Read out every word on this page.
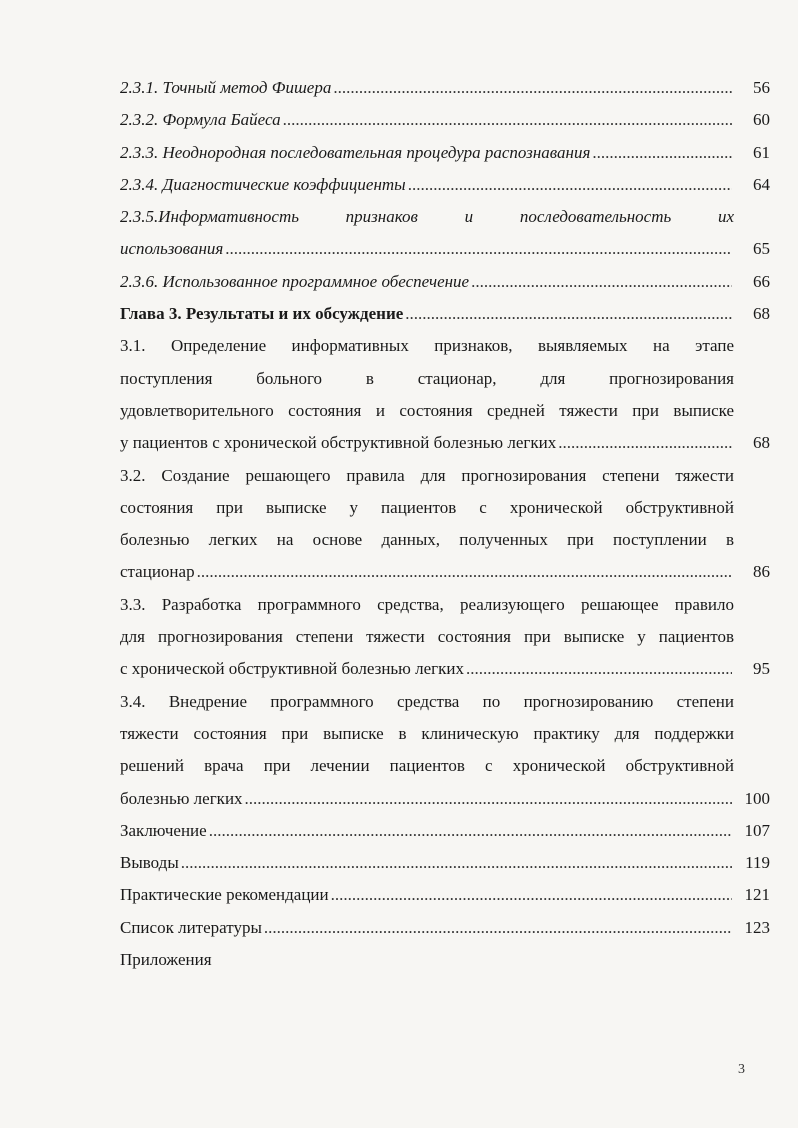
2.3.1. Точный метод Фишера .....	56
2.3.2. Формула Байеса .....	60
2.3.3. Неоднородная последовательная процедура распознавания .....	61
2.3.4. Диагностические коэффициенты .....	64
2.3.5.Информативность признаков и последовательность их
использования .....	65
2.3.6. Использованное программное обеспечение .....	66
Глава 3. Результаты и их обсуждение .....	68
3.1. Определение информативных признаков, выявляемых на этапе
поступления больного в стационар, для прогнозирования
удовлетворительного состояния и состояния средней тяжести при выписке
у пациентов с хронической обструктивной болезнью легких .....	68
3.2. Создание решающего правила для прогнозирования степени тяжести
состояния при выписке у пациентов с хронической обструктивной
болезнью легких на основе данных, полученных при поступлении в
стационар .....	86
3.3. Разработка программного средства, реализующего решающее правило
для прогнозирования степени тяжести состояния при выписке у пациентов
с хронической обструктивной болезнью легких .....	95
3.4. Внедрение программного средства по прогнозированию степени
тяжести состояния при выписке в клиническую практику для поддержки
решений врача при лечении пациентов с хронической обструктивной
болезнью легких .....	100
Заключение .....	107
Выводы .....	119
Практические рекомендации .....	121
Список литературы .....	123
Приложения
3
